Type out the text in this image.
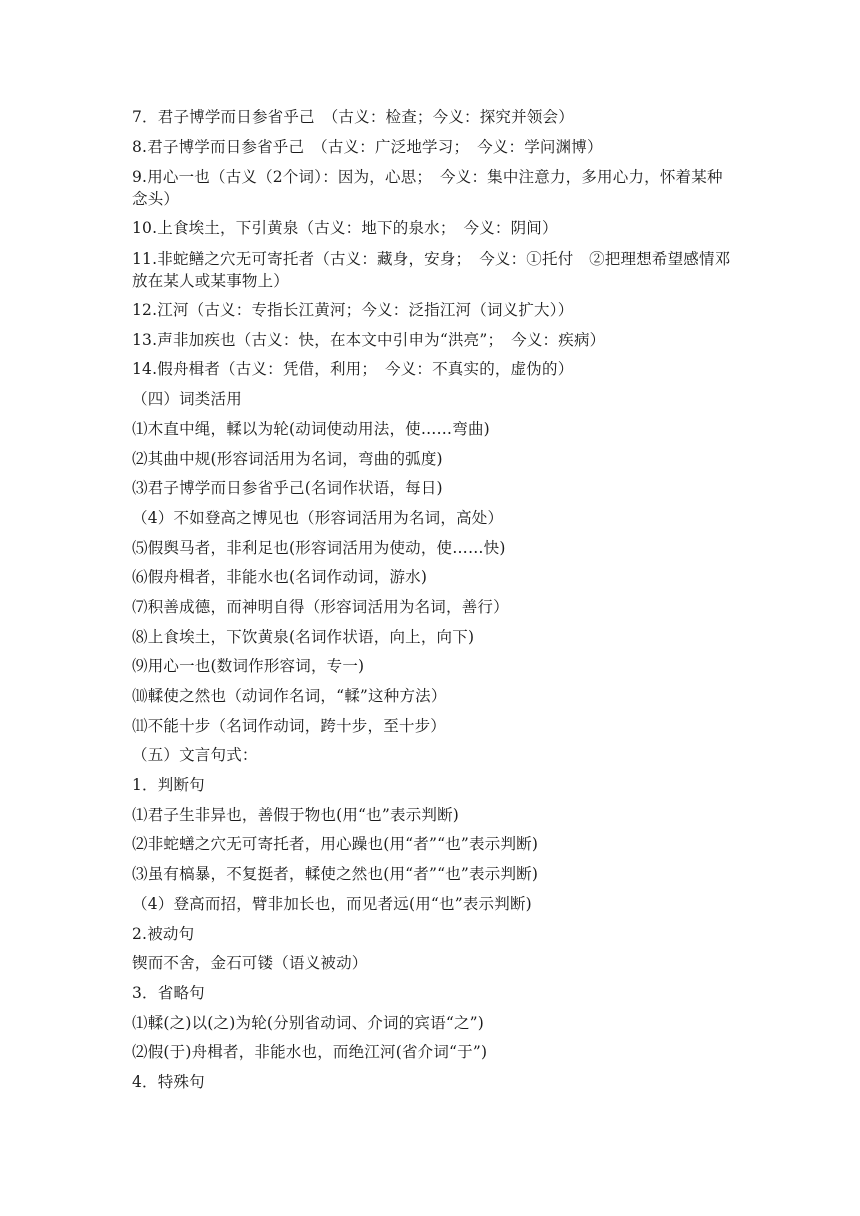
7．君子博学而日参省乎己　（古义：检查；今义：探究并领会）
8.君子博学而日参省乎己　（古义：广泛地学习；　今义：学问渊博）
9.用心一也（古义（2个词）：因为，心思；　今义：集中注意力，多用心力，怀着某种念头）
10.上食埃土，下引黄泉（古义：地下的泉水；　今义：阴间）
11.非蛇鳝之穴无可寄托者（古义：藏身，安身；　今义：①托付　②把理想希望感情邓放在某人或某事物上）
12.江河（古义：专指长江黄河；今义：泛指江河（词义扩大））
13.声非加疾也（古义：快，在本文中引申为“洪亮”；　今义：疾病）
14.假舟楫者（古义：凭借，利用；　今义：不真实的，虚伪的）
（四）词类活用
⑴木直中绳，輮以为轮(动词使动用法，使……弯曲)
⑵其曲中规(形容词活用为名词，弯曲的弧度)
⑶君子博学而日参省乎己(名词作状语，每日)
（4）不如登高之博见也（形容词活用为名词，高处）
⑸假舆马者，非利足也(形容词活用为使动，使……快)
⑹假舟楫者，非能水也(名词作动词，游水)
⑺积善成德，而神明自得（形容词活用为名词，善行）
⑻上食埃土，下饮黄泉(名词作状语，向上，向下)
⑼用心一也(数词作形容词，专一)
⑽輮使之然也（动词作名词，“輮”这种方法）
⑾不能十步（名词作动词，跨十步，至十步）
（五）文言句式：
1．判断句
⑴君子生非异也，善假于物也(用“也”表示判断)
⑵非蛇蟮之穴无可寄托者，用心躁也(用“者”“也”表示判断)
⑶虽有槁暴，不复挺者，輮使之然也(用“者”“也”表示判断)
（4）登高而招，臂非加长也，而见者远(用“也”表示判断)
2.被动句
锲而不舍，金石可镂（语义被动）
3．省略句
⑴輮(之)以(之)为轮(分别省动词、介词的宾语“之”)
⑵假(于)舟楫者，非能水也，而绝江河(省介词“于”)
4．特殊句
